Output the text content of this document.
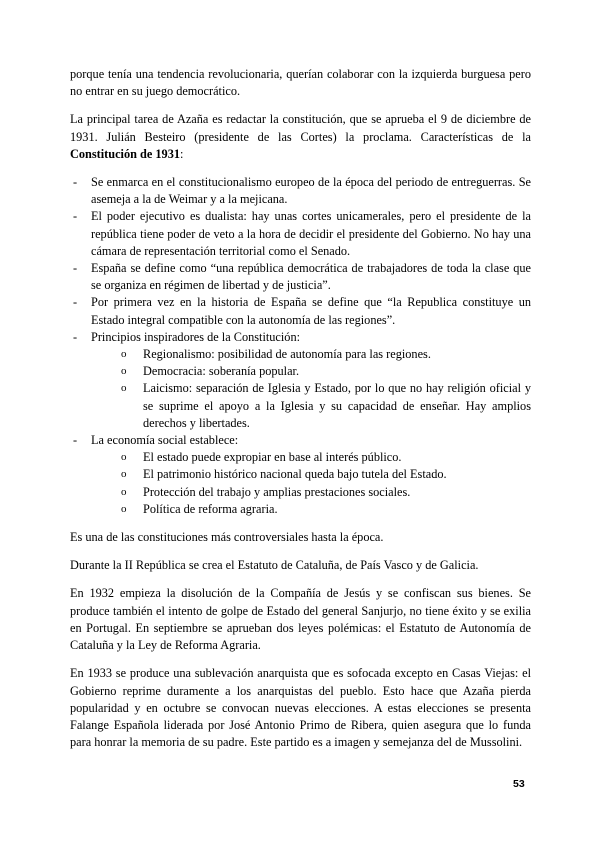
porque tenía una tendencia revolucionaria, querían colaborar con la izquierda burguesa pero no entrar en su juego democrático.

La principal tarea de Azaña es redactar la constitución, que se aprueba el 9 de diciembre de 1931. Julián Besteiro (presidente de las Cortes) la proclama. Características de la Constitución de 1931:

- Se enmarca en el constitucionalismo europeo de la época del periodo de entreguerras. Se asemeja a la de Weimar y a la mejicana.
- El poder ejecutivo es dualista: hay unas cortes unicamerales, pero el presidente de la república tiene poder de veto a la hora de decidir el presidente del Gobierno. No hay una cámara de representación territorial como el Senado.
- España se define como “una república democrática de trabajadores de toda la clase que se organiza en régimen de libertad y de justicia”.
- Por primera vez en la historia de España se define que “la Republica constituye un Estado integral compatible con la autonomía de las regiones”.
- Principios inspiradores de la Constitución:
o Regionalismo: posibilidad de autonomía para las regiones.
o Democracia: soberanía popular.
o Laicismo: separación de Iglesia y Estado, por lo que no hay religión oficial y se suprime el apoyo a la Iglesia y su capacidad de enseñar. Hay amplios derechos y libertades.
- La economía social establece:
o El estado puede expropiar en base al interés público.
o El patrimonio histórico nacional queda bajo tutela del Estado.
o Protección del trabajo y amplias prestaciones sociales.
o Política de reforma agraria.

Es una de las constituciones más controversiales hasta la época.

Durante la II República se crea el Estatuto de Cataluña, de País Vasco y de Galicia.

En 1932 empieza la disolución de la Compañía de Jesús y se confiscan sus bienes. Se produce también el intento de golpe de Estado del general Sanjurjo, no tiene éxito y se exilia en Portugal. En septiembre se aprueban dos leyes polémicas: el Estatuto de Autonomía de Cataluña y la Ley de Reforma Agraria.

En 1933 se produce una sublevación anarquista que es sofocada excepto en Casas Viejas: el Gobierno reprime duramente a los anarquistas del pueblo. Esto hace que Azaña pierda popularidad y en octubre se convocan nuevas elecciones. A estas elecciones se presenta Falange Española liderada por José Antonio Primo de Ribera, quien asegura que lo funda para honrar la memoria de su padre. Este partido es a imagen y semejanza del de Mussolini.

53
